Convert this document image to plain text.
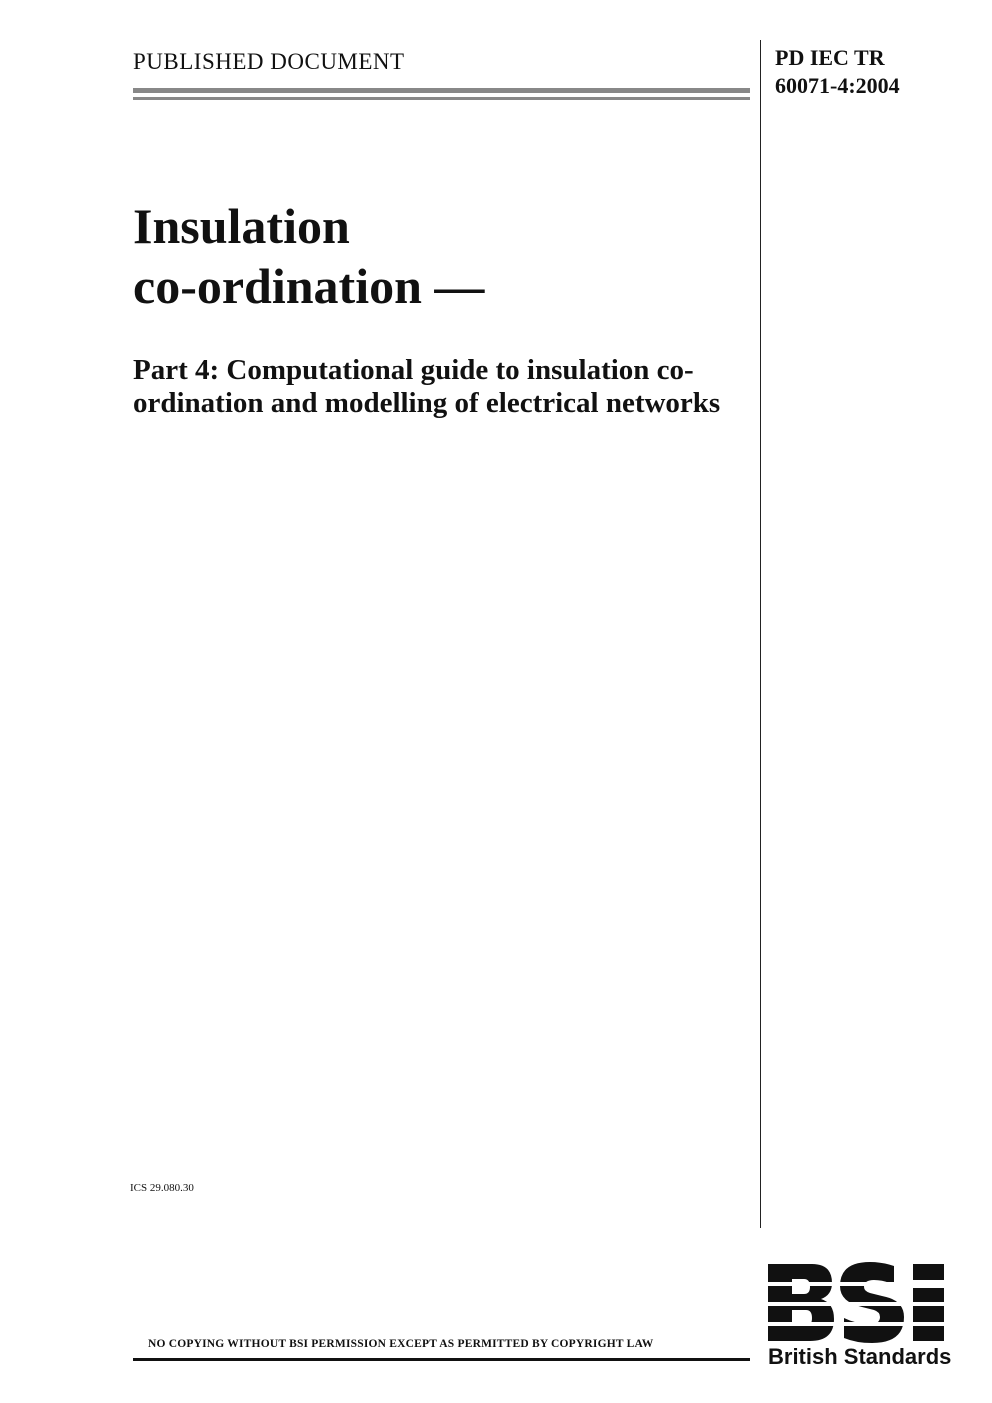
PUBLISHED DOCUMENT	PD IEC TR
60071-4:2004
Insulation
co-ordination —
Part 4: Computational guide to insulation co-ordination and modelling of electrical networks
ICS 29.080.30
NO COPYING WITHOUT BSI PERMISSION EXCEPT AS PERMITTED BY COPYRIGHT LAW	British Standards
